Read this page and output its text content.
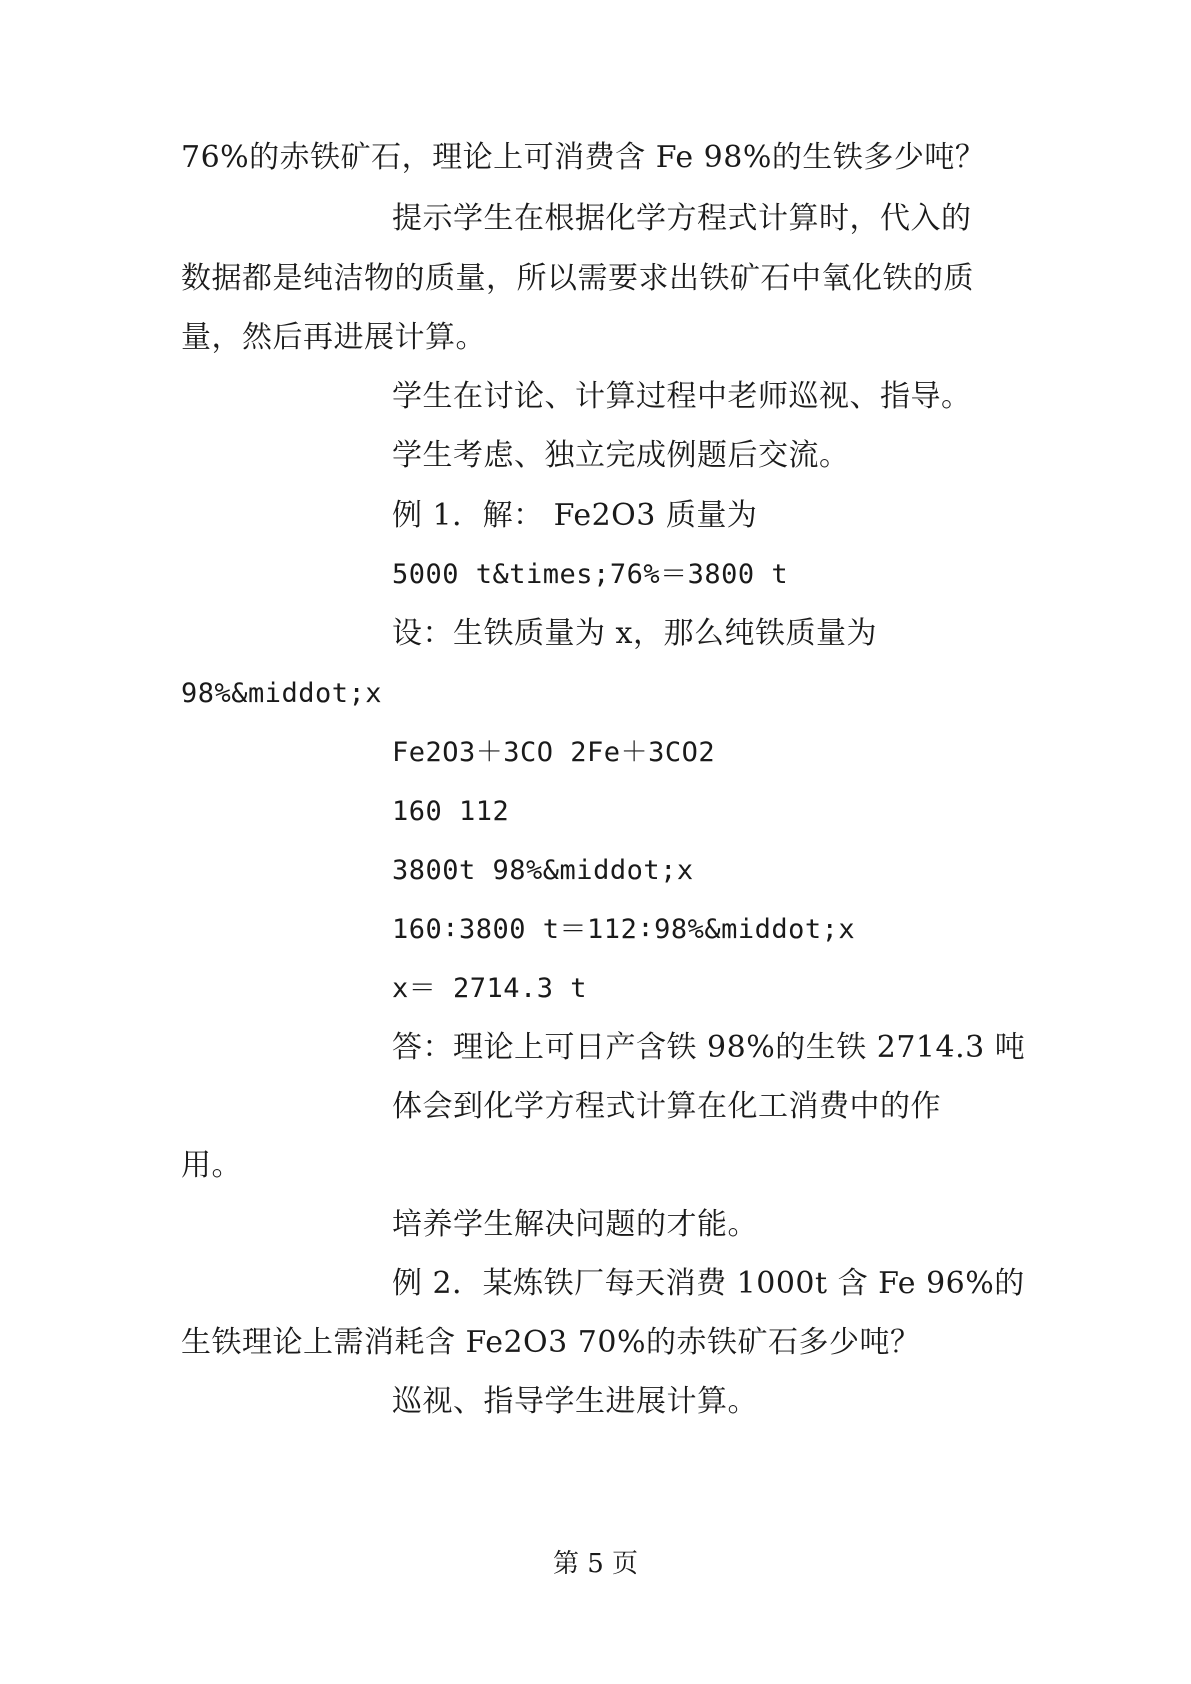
76%的赤铁矿石，理论上可消费含 Fe 98%的生铁多少吨？
提示学生在根据化学方程式计算时，代入的
数据都是纯洁物的质量，所以需要求出铁矿石中氧化铁的质
量，然后再进展计算。
学生在讨论、计算过程中老师巡视、指导。
学生考虑、独立完成例题后交流。
例 1．解： Fe2O3 质量为
5000 t&times;76%＝3800 t
设：生铁质量为 x，那么纯铁质量为
98%&middot;x
Fe2O3＋3CO 2Fe＋3CO2
160 112
3800t 98%&middot;x
160∶3800 t＝112∶98%&middot;x
x＝ 2714.3 t
答：理论上可日产含铁 98%的生铁 2714.3 吨
体会到化学方程式计算在化工消费中的作
用。
培养学生解决问题的才能。
例 2．某炼铁厂每天消费 1000t 含 Fe 96%的
生铁理论上需消耗含 Fe2O3 70%的赤铁矿石多少吨？
巡视、指导学生进展计算。
第 5 页
